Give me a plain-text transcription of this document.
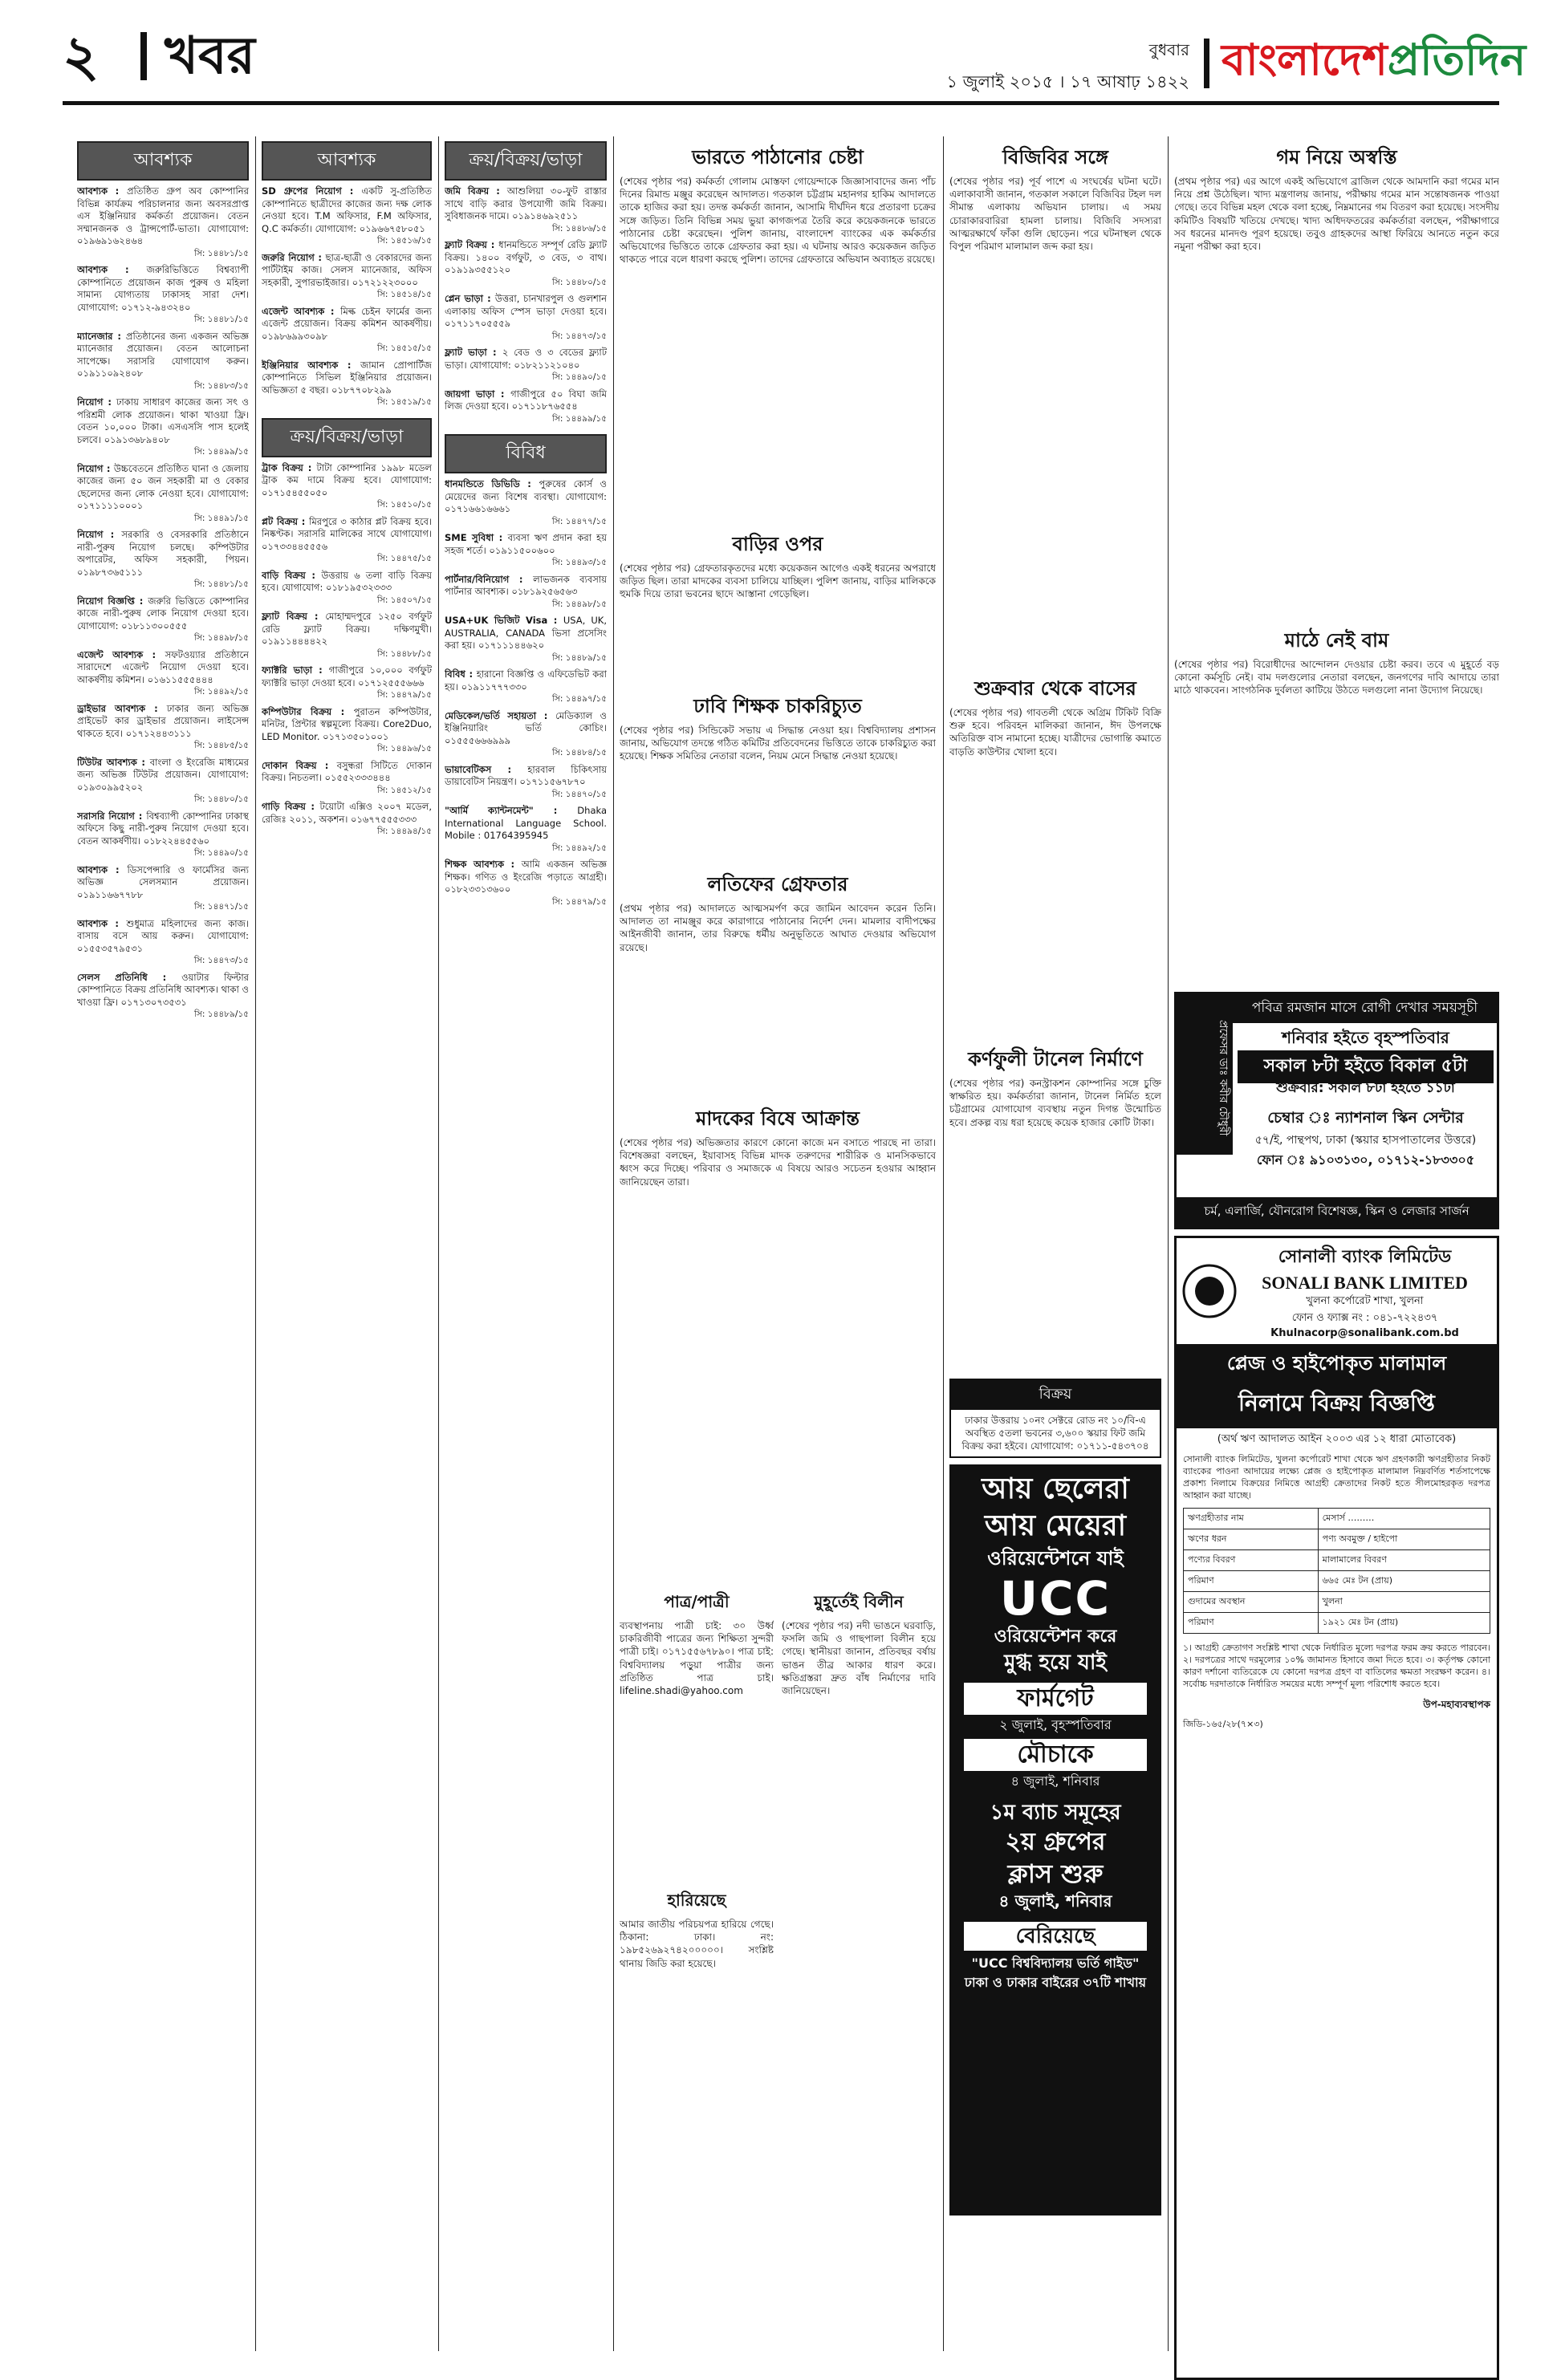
২ খবর	বুধবার
১ জুলাই ২০১৫ । ১৭ আষাঢ় ১৪২২ বাংলাদেশপ্রতিদিন
আবশ্যক
আবশ্যক : প্রতিষ্ঠিত গ্রুপ অব কোম্পানির বিভিন্ন কার্যক্রম পরিচালনার জন্য অবসরপ্রাপ্ত এস ইঞ্জিনিয়ার কর্মকর্তা প্রয়োজন। বেতন সম্মানজনক ও ট্রান্সপোর্ট-ভাতা। যোগাযোগ: ০১৯৬৯১৬২৪৬৪
সি: ১৪৪৮১/১৫
আবশ্যক : জরুরিভিত্তিতে বিশ্বব্যাপী কোম্পানিতে প্রয়োজন কাজ পুরুষ ও মহিলা সামান্য যোগ্যতায় ঢাকাসহ সারা দেশ। যোগাযোগ: ০১৭১২-৯৪৩২৪০
সি: ১৪৪৮১/১৫
ম্যানেজার : প্রতিষ্ঠানের জন্য একজন অভিজ্ঞ ম্যানেজার প্রয়োজন। বেতন আলোচনা সাপেক্ষে। সরাসরি যোগাযোগ করুন। ০১৯১১০৯২৪০৮
সি: ১৪৪৮৩/১৫
নিয়োগ : ঢাকায় সাধারণ কাজের জন্য সৎ ও পরিশ্রমী লোক প্রয়োজন। থাকা খাওয়া ফ্রি। বেতন ১০,০০০ টাকা। এসএসসি পাস হলেই চলবে। ০১৯১৩৬৮৯৪০৮
সি: ১৪৪৯৯/১৫
নিয়োগ : উচ্চবেতনে প্রতিষ্ঠিত ঘানা ও জেলায় কাজের জন্য ৫০ জন সহকারী মা ও বেকার ছেলেদের জন্য লোক নেওয়া হবে। যোগাযোগ: ০১৭১১১১০০০১
সি: ১৪৪৯১/১৫
নিয়োগ : সরকারি ও বেসরকারি প্রতিষ্ঠানে নারী-পুরুষ নিয়োগ চলছে। কম্পিউটার অপারেটর, অফিস সহকারী, পিয়ন। ০১৯৮৭৩৬৫১১১
সি: ১৪৪৮১/১৫
নিয়োগ বিজ্ঞপ্তি : জরুরি ভিত্তিতে কোম্পানির কাজে নারী-পুরুষ লোক নিয়োগ দেওয়া হবে। যোগাযোগ: ০১৮১১৩০০৫৫৫
সি: ১৪৪৯৮/১৫
এজেন্ট আবশ্যক : সফটওয়্যার প্রতিষ্ঠানে সারাদেশে এজেন্ট নিয়োগ দেওয়া হবে। আকর্ষণীয় কমিশন। ০১৬১১৫৫৫৪৪৪
সি: ১৪৪৯২/১৫
ড্রাইভার আবশ্যক : ঢাকার জন্য অভিজ্ঞ প্রাইভেট কার ড্রাইভার প্রয়োজন। লাইসেন্স থাকতে হবে। ০১৭১২৪৪৩১১১
সি: ১৪৪৮৫/১৫
টিউটর আবশ্যক : বাংলা ও ইংরেজি মাধ্যমের জন্য অভিজ্ঞ টিউটর প্রয়োজন। যোগাযোগ: ০১৯৩০৯৯৫২০২
সি: ১৪৪৮০/১৫
সরাসরি নিয়োগ : বিশ্বব্যাপী কোম্পানির ঢাকাস্থ অফিসে কিছু নারী-পুরুষ নিয়োগ দেওয়া হবে। বেতন আকর্ষণীয়। ০১৮২২৪৪৫৫৬০
সি: ১৪৪৯০/১৫
আবশ্যক : ডিসপেন্সারি ও ফার্মেসির জন্য অভিজ্ঞ সেলসম্যান প্রয়োজন। ০১৯১১৬৬৭৭৮৮
সি: ১৪৪৭১/১৫
আবশ্যক : শুধুমাত্র মহিলাদের জন্য কাজ। বাসায় বসে আয় করুন। যোগাযোগ: ০১৫৫৩৫৭৯৫৩১
সি: ১৪৪৭৩/১৫
সেলস প্রতিনিধি : ওয়াটার ফিল্টার কোম্পানিতে বিক্রয় প্রতিনিধি আবশ্যক। থাকা ও খাওয়া ফ্রি। ০১৭১৩০৭৩৫৩১
সি: ১৪৪৮৯/১৫
আবশ্যক
SD গ্রুপের নিয়োগ : একটি সু-প্রতিষ্ঠিত কোম্পানিতে ছাত্রীদের কাজের জন্য দক্ষ লোক নেওয়া হবে। T.M অফিসার, F.M অফিসার, Q.C কর্মকর্তা। যোগাযোগ: ০১৯৬৬৭৫৮০৫১
সি: ১৪৫১৬/১৫
জরুরি নিয়োগ : ছাত্র-ছাত্রী ও বেকারদের জন্য পার্টটাইম কাজ। সেলস ম্যানেজার, অফিস সহকারী, সুপারভাইজার। ০১৭২১২২৩০০০
সি: ১৪৫১৪/১৫
এজেন্ট আবশ্যক : মিল্ক চেইন ফার্মের জন্য এজেন্ট প্রয়োজন। বিক্রয় কমিশন আকর্ষণীয়। ০১৯৮৬৯৯৩০৯৮
সি: ১৪৫১৫/১৫
ইঞ্জিনিয়ার আবশ্যক : জামান প্রোপার্টিজ কোম্পানিতে সিভিল ইঞ্জিনিয়ার প্রয়োজন। অভিজ্ঞতা ৫ বছর। ০১৮৭৭০৮২৯৯
সি: ১৪৫১৯/১৫
ক্রয়/বিক্রয়/ভাড়া
ট্রাক বিক্রয় : টাটা কোম্পানির ১৯৯৮ মডেল ট্রাক কম দামে বিক্রয় হবে। যোগাযোগ: ০১৭১৫৪৫৫০৫০
সি: ১৪৫১০/১৫
প্লট বিক্রয় : মিরপুরে ৩ কাঠার প্লট বিক্রয় হবে। নিষ্কণ্টক। সরাসরি মালিকের সাথে যোগাযোগ। ০১৭৩৩৪৪৫৫৫৬
সি: ১৪৪৭৫/১৫
বাড়ি বিক্রয় : উত্তরায় ৬ তলা বাড়ি বিক্রয় হবে। যোগাযোগ: ০১৮১৯৫৩২৩৩৩
সি: ১৪৫০৭/১৫
ফ্ল্যাট বিক্রয় : মোহাম্মদপুরে ১২৫০ বর্গফুট রেডি ফ্ল্যাট বিক্রয়। দক্ষিণমুখী। ০১৯১১৪৪৪৪২২
সি: ১৪৪৮৮/১৫
ফ্যাক্টরি ভাড়া : গাজীপুরে ১০,০০০ বর্গফুট ফ্যাক্টরি ভাড়া দেওয়া হবে। ০১৭১২৫৫৫৬৬৬
সি: ১৪৪৭৯/১৫
কম্পিউটার বিক্রয় : পুরাতন কম্পিউটার, মনিটর, প্রিন্টার স্বল্পমূল্যে বিক্রয়। Core2Duo, LED Monitor. ০১৭১৩৫০১০০১
সি: ১৪৪৯৬/১৫
দোকান বিক্রয় : বসুন্ধরা সিটিতে দোকান বিক্রয়। নিচতলা। ০১৫৫২৩৩৩৪৪৪
সি: ১৪৫১২/১৫
গাড়ি বিক্রয় : টয়োটা এক্সিও ২০০৭ মডেল, রেজিঃ ২০১১, অকশন। ০১৬৭৭৫৫৫৩৩৩
সি: ১৪৪৯৪/১৫
ক্রয়/বিক্রয়/ভাড়া
জমি বিক্রয় : আশুলিয়া ৩০-ফুট রাস্তার সাথে বাড়ি করার উপযোগী জমি বিক্রয়। সুবিধাজনক দামে। ০১৯১৪৬৯২৫১১
সি: ১৪৪৮৬/১৫
ফ্ল্যাট বিক্রয় : ধানমন্ডিতে সম্পূর্ণ রেডি ফ্ল্যাট বিক্রয়। ১৪০০ বর্গফুট, ৩ বেড, ৩ বাথ। ০১৯১৯৩৫৫১২০
সি: ১৪৪৮০/১৫
প্লেন ভাড়া : উত্তরা, চানখারপুল ও গুলশান এলাকায় অফিস স্পেস ভাড়া দেওয়া হবে। ০১৭১১৭০৫৫৫৯
সি: ১৪৪৭৩/১৫
ফ্ল্যাট ভাড়া : ২ বেড ও ৩ বেডের ফ্ল্যাট ভাড়া। যোগাযোগ: ০১৮২১১২১০৪০
সি: ১৪৪৯০/১৫
জায়গা ভাড়া : গাজীপুরে ৫০ বিঘা জমি লিজ দেওয়া হবে। ০১৭১১৮৭৬৫৫৪
সি: ১৪৪৯৯/১৫
বিবিধ
ধানমন্ডিতে ডিভিডি : পুরুষের কোর্স ও মেয়েদের জন্য বিশেষ ব্যবস্থা। যোগাযোগ: ০১৭১৬৬১৬৬৬১
সি: ১৪৪৭৭/১৫
SME সুবিধা : ব্যবসা ঋণ প্রদান করা হয় সহজ শর্তে। ০১৯১১৫০০৬০০
সি: ১৪৪৯৩/১৫
পার্টনার/বিনিয়োগ : লাভজনক ব্যবসায় পার্টনার আবশ্যক। ০১৮১৯২৫৬৫৬৩
সি: ১৪৪৯৮/১৫
USA+UK ভিজিট Visa : USA, UK, AUSTRALIA, CANADA ভিসা প্রসেসিং করা হয়। ০১৭১১১৪৪৬২০
সি: ১৪৪৮৯/১৫
বিবিধ : হারানো বিজ্ঞপ্তি ও এফিডেভিট করা হয়। ০১৯১১৭৭৭৩৩০
সি: ১৪৪৯৭/১৫
মেডিকেল/ভর্তি সহায়তা : মেডিক্যাল ও ইঞ্জিনিয়ারিং ভর্তি কোচিং। ০১৫৫৫৬৬৬৯৯৯
সি: ১৪৪৮৪/১৫
ভায়াবেটিকস : হারবাল চিকিৎসায় ডায়াবেটিস নিয়ন্ত্রণ। ০১৭১১৫৬৭৮৭০
সি: ১৪৪৭০/১৫
"আর্মি ক্যান্টনমেন্ট" : Dhaka International Language School. Mobile : 01764395945
সি: ১৪৪৯২/১৫
শিক্ষক আবশ্যক : আমি একজন অভিজ্ঞ শিক্ষক। গণিত ও ইংরেজি পড়াতে আগ্রহী। ০১৮২৩৩১৩৬০০
সি: ১৪৪৭৯/১৫
ভারতে পাঠানোর চেষ্টা
(শেষের পৃষ্ঠার পর) কর্মকর্তা গোলাম মোস্তফা গোয়েন্দাকে জিজ্ঞাসাবাদের জন্য পাঁচ দিনের রিমান্ড মঞ্জুর করেছেন আদালত। গতকাল চট্টগ্রাম মহানগর হাকিম আদালতে তাকে হাজির করা হয়। তদন্ত কর্মকর্তা জানান, আসামি দীর্ঘদিন ধরে প্রতারণা চক্রের সঙ্গে জড়িত। তিনি বিভিন্ন সময় ভুয়া কাগজপত্র তৈরি করে কয়েকজনকে ভারতে পাঠানোর চেষ্টা করেছেন। পুলিশ জানায়, বাংলাদেশ ব্যাংকের এক কর্মকর্তার অভিযোগের ভিত্তিতে তাকে গ্রেফতার করা হয়। এ ঘটনায় আরও কয়েকজন জড়িত থাকতে পারে বলে ধারণা করছে পুলিশ। তাদের গ্রেফতারে অভিযান অব্যাহত রয়েছে।
বাড়ির ওপর
(শেষের পৃষ্ঠার পর) গ্রেফতারকৃতদের মধ্যে কয়েকজন আগেও একই ধরনের অপরাধে জড়িত ছিল। তারা মাদকের ব্যবসা চালিয়ে যাচ্ছিল। পুলিশ জানায়, বাড়ির মালিককে হুমকি দিয়ে তারা ভবনের ছাদে আস্তানা গেড়েছিল।
ঢাবি শিক্ষক চাকরিচ্যুত
(শেষের পৃষ্ঠার পর) সিন্ডিকেট সভায় এ সিদ্ধান্ত নেওয়া হয়। বিশ্ববিদ্যালয় প্রশাসন জানায়, অভিযোগ তদন্তে গঠিত কমিটির প্রতিবেদনের ভিত্তিতে তাকে চাকরিচ্যুত করা হয়েছে। শিক্ষক সমিতির নেতারা বলেন, নিয়ম মেনে সিদ্ধান্ত নেওয়া হয়েছে।
লতিফের গ্রেফতার
(প্রথম পৃষ্ঠার পর) আদালতে আত্মসমর্পণ করে জামিন আবেদন করেন তিনি। আদালত তা নামঞ্জুর করে কারাগারে পাঠানোর নির্দেশ দেন। মামলার বাদীপক্ষের আইনজীবী জানান, তার বিরুদ্ধে ধর্মীয় অনুভূতিতে আঘাত দেওয়ার অভিযোগ রয়েছে।
মাদকের বিষে আক্রান্ত
(শেষের পৃষ্ঠার পর) অভিজ্ঞতার কারণে কোনো কাজে মন বসাতে পারছে না তারা। বিশেষজ্ঞরা বলছেন, ইয়াবাসহ বিভিন্ন মাদক তরুণদের শারীরিক ও মানসিকভাবে ধ্বংস করে দিচ্ছে। পরিবার ও সমাজকে এ বিষয়ে আরও সচেতন হওয়ার আহ্বান জানিয়েছেন তারা।
পাত্র/পাত্রী
ব্যবস্থাপনায় পাত্রী চাই: ৩০ উর্ধ্ব চাকরিজীবী পাত্রের জন্য শিক্ষিতা সুন্দরী পাত্রী চাই। ০১৭১৫৫৬৭৮৯০। পাত্র চাই: বিশ্ববিদ্যালয় পড়ুয়া পাত্রীর জন্য প্রতিষ্ঠিত পাত্র চাই। lifeline.shadi@yahoo.com
হারিয়েছে
আমার জাতীয় পরিচয়পত্র হারিয়ে গেছে। ঠিকানা: ঢাকা। নং: ১৯৮৫২৬৯২৭৪২০০০০০। সংশ্লিষ্ট থানায় জিডি করা হয়েছে।
মুহূর্তেই বিলীন
(শেষের পৃষ্ঠার পর) নদী ভাঙনে ঘরবাড়ি, ফসলি জমি ও গাছপালা বিলীন হয়ে গেছে। স্থানীয়রা জানান, প্রতিবছর বর্ষায় ভাঙন তীব্র আকার ধারণ করে। ক্ষতিগ্রস্তরা দ্রুত বাঁধ নির্মাণের দাবি জানিয়েছেন।
বিজিবির সঙ্গে
(শেষের পৃষ্ঠার পর) পূর্ব পাশে এ সংঘর্ষের ঘটনা ঘটে। এলাকাবাসী জানান, গতকাল সকালে বিজিবির টহল দল সীমান্ত এলাকায় অভিযান চালায়। এ সময় চোরাকারবারিরা হামলা চালায়। বিজিবি সদস্যরা আত্মরক্ষার্থে ফাঁকা গুলি ছোড়েন। পরে ঘটনাস্থল থেকে বিপুল পরিমাণ মালামাল জব্দ করা হয়।
শুক্রবার থেকে বাসের
(শেষের পৃষ্ঠার পর) গাবতলী থেকে অগ্রিম টিকিট বিক্রি শুরু হবে। পরিবহন মালিকরা জানান, ঈদ উপলক্ষে অতিরিক্ত বাস নামানো হচ্ছে। যাত্রীদের ভোগান্তি কমাতে বাড়তি কাউন্টার খোলা হবে।
কর্ণফুলী টানেল নির্মাণে
(শেষের পৃষ্ঠার পর) কনস্ট্রাকশন কোম্পানির সঙ্গে চুক্তি স্বাক্ষরিত হয়। কর্মকর্তারা জানান, টানেল নির্মিত হলে চট্টগ্রামের যোগাযোগ ব্যবস্থায় নতুন দিগন্ত উন্মোচিত হবে। প্রকল্প ব্যয় ধরা হয়েছে কয়েক হাজার কোটি টাকা।
বিক্রয়
ঢাকার উত্তরায় ১০নং সেক্টরে রোড নং ১০/বি-এ অবস্থিত ৫তলা ভবনের ৩,৬০০ স্কয়ার ফিট জমি বিক্রয় করা হইবে। যোগাযোগ: ০১৭১১-৫৪৩৭০৪
আয় ছেলেরা
আয় মেয়েরা
ওরিয়েন্টেশনে যাই
UCC
ওরিয়েন্টেশন করে
মুগ্ধ হয়ে যাই
ফার্মগেট
২ জুলাই, বৃহস্পতিবার
মৌচাকে
৪ জুলাই, শনিবার
১ম ব্যাচ সমূহের
২য় গ্রুপের
ক্লাস শুরু
৪ জুলাই, শনিবার
বেরিয়েছে
"UCC বিশ্ববিদ্যালয় ভর্তি গাইড"
ঢাকা ও ঢাকার বাইরের ৩৭টি শাখায়
গম নিয়ে অস্বস্তি
(প্রথম পৃষ্ঠার পর) এর আগে একই অভিযোগে ব্রাজিল থেকে আমদানি করা গমের মান নিয়ে প্রশ্ন উঠেছিল। খাদ্য মন্ত্রণালয় জানায়, পরীক্ষায় গমের মান সন্তোষজনক পাওয়া গেছে। তবে বিভিন্ন মহল থেকে বলা হচ্ছে, নিম্নমানের গম বিতরণ করা হয়েছে। সংসদীয় কমিটিও বিষয়টি খতিয়ে দেখছে। খাদ্য অধিদফতরের কর্মকর্তারা বলছেন, পরীক্ষাগারে সব ধরনের মানদণ্ড পূরণ হয়েছে। তবুও গ্রাহকদের আস্থা ফিরিয়ে আনতে নতুন করে নমুনা পরীক্ষা করা হবে।
মাঠে নেই বাম
(শেষের পৃষ্ঠার পর) বিরোধীদের আন্দোলন দেওয়ার চেষ্টা করব। তবে এ মুহূর্তে বড় কোনো কর্মসূচি নেই। বাম দলগুলোর নেতারা বলছেন, জনগণের দাবি আদায়ে তারা মাঠে থাকবেন। সাংগঠনিক দুর্বলতা কাটিয়ে উঠতে দলগুলো নানা উদ্যোগ নিয়েছে।
প্রফেসর ডাঃ কবীর চৌধুরী
পবিত্র রমজান মাসে রোগী দেখার সময়সূচী
শনিবার হইতে বৃহস্পতিবার
সকাল ৮টা হইতে বিকাল ৫টা
শুক্রবার: সকাল ৮টা হইতে ১১টা
চেম্বার ঃ ন্যাশনাল স্কিন সেন্টার
৫৭/ই, পান্থপথ, ঢাকা (স্কয়ার হাসপাতালের উত্তরে)
ফোন ঃ ৯১০৩১৩০, ০১৭১২-১৮৩৩০৫
চর্ম, এলার্জি, যৌনরোগ বিশেষজ্ঞ, স্কিন ও লেজার সার্জন
সোনালী ব্যাংক লিমিটেড
SONALI BANK LIMITED
খুলনা কর্পোরেট শাখা, খুলনা
ফোন ও ফ্যাক্স নং : ০৪১-৭২২৪৩৭
Khulnacorp@sonalibank.com.bd
প্লেজ ও হাইপোকৃত মালামাল
নিলামে বিক্রয় বিজ্ঞপ্তি
(অর্থ ঋণ আদালত আইন ২০০৩ এর ১২ ধারা মোতাবেক)
সোনালী ব্যাংক লিমিটেড, খুলনা কর্পোরেট শাখা থেকে ঋণ গ্রহণকারী ঋণগ্রহীতার নিকট ব্যাংকের পাওনা আদায়ের লক্ষ্যে প্লেজ ও হাইপোকৃত মালামাল নিম্নবর্ণিত শর্তসাপেক্ষে প্রকাশ্য নিলামে বিক্রয়ের নিমিত্তে আগ্রহী ক্রেতাদের নিকট হতে সীলমোহরকৃত দরপত্র আহ্বান করা যাচ্ছে।
ঋণগ্রহীতার নাম	মেসার্স ………
ঋণের ধরন	পণ্য অবমুক্ত / হাইপো
পণ্যের বিবরণ	মালামালের বিবরণ
পরিমাণ	৬৬৫ মেঃ টন (প্রায়)
গুদামের অবস্থান	খুলনা
পরিমাণ	১৯২১ মেঃ টন (প্রায়)
১। আগ্রহী ক্রেতাগণ সংশ্লিষ্ট শাখা থেকে নির্ধারিত মূল্যে দরপত্র ফরম ক্রয় করতে পারবেন। ২। দরপত্রের সাথে দরমূল্যের ১০% জামানত হিসাবে জমা দিতে হবে। ৩। কর্তৃপক্ষ কোনো কারণ দর্শানো ব্যতিরেকে যে কোনো দরপত্র গ্রহণ বা বাতিলের ক্ষমতা সংরক্ষণ করেন। ৪। সর্বোচ্চ দরদাতাকে নির্ধারিত সময়ের মধ্যে সম্পূর্ণ মূল্য পরিশোধ করতে হবে।
উপ-মহাব্যবস্থাপক
জিডি-১৬৫/২৮(৭×৩)
